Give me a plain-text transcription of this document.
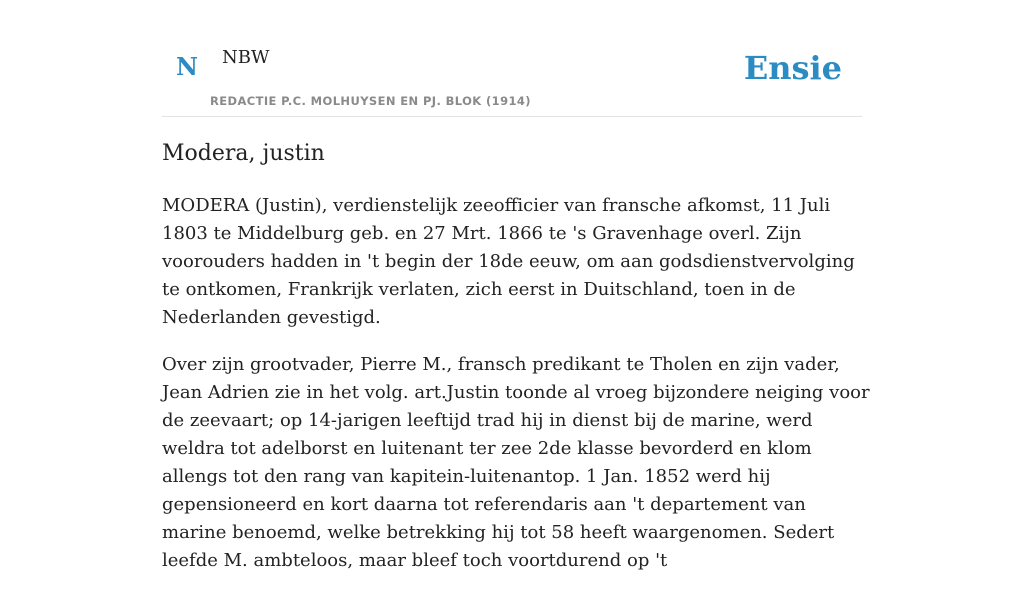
N NBW
REDACTIE P.C. MOLHUYSEN EN PJ. BLOK (1914)
Ensie
Modera, justin

MODERA (Justin), verdienstelijk zeeofficier van fransche afkomst, 11 Juli 1803 te Middelburg geb. en 27 Mrt. 1866 te 's Gravenhage overl. Zijn voorouders hadden in 't begin der 18de eeuw, om aan godsdienstvervolging te ontkomen, Frankrijk verlaten, zich eerst in Duitschland, toen in de Nederlanden gevestigd.

Over zijn grootvader, Pierre M., fransch predikant te Tholen en zijn vader, Jean Adrien zie in het volg. art.Justin toonde al vroeg bijzondere neiging voor de zeevaart; op 14-jarigen leeftijd trad hij in dienst bij de marine, werd weldra tot adelborst en luitenant ter zee 2de klasse bevorderd en klom allengs tot den rang van kapitein-luitenantop. 1 Jan. 1852 werd hij gepensioneerd en kort daarna tot referendaris aan 't departement van marine benoemd, welke betrekking hij tot 58 heeft waargenomen. Sedert leefde M. ambteloos, maar bleef toch voortdurend op 't
